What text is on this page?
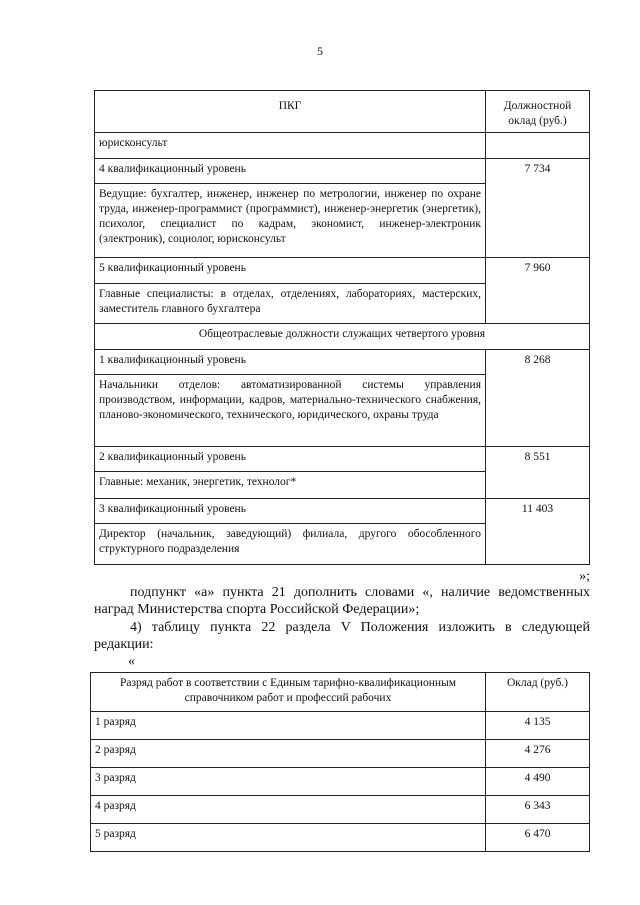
5
ПКГ	Должностной оклад (руб.)
юрисконсульт	
4 квалификационный уровень	7 734
Ведущие: бухгалтер, инженер, инженер по метрологии, инженер по охране труда, инженер-программист (программист), инженер-энергетик (энергетик), психолог, специалист по кадрам, экономист, инженер-электроник (электроник), социолог, юрисконсульт	
5 квалификационный уровень	7 960
Главные специалисты: в отделах, отделениях, лабораториях, мастерских, заместитель главного бухгалтера	
Общеотраслевые должности служащих четвертого уровня	
1 квалификационный уровень	8 268
Начальники отделов: автоматизированной системы управления производством, информации, кадров, материально-технического снабжения, планово-экономического, технического, юридического, охраны труда	
2 квалификационный уровень	8 551
Главные: механик, энергетик, технолог*	
3 квалификационный уровень	11 403
Директор (начальник, заведующий) филиала, другого обособленного структурного подразделения	
»;
подпункт «а» пункта 21 дополнить словами «, наличие ведомственных наград Министерства спорта Российской Федерации»;
4) таблицу пункта 22 раздела V Положения изложить в следующей редакции:
«
Разряд работ в соответствии с Единым тарифно-квалификационным справочником работ и профессий рабочих	Оклад (руб.)
1 разряд	4 135
2 разряд	4 276
3 разряд	4 490
4 разряд	6 343
5 разряд	6 470
